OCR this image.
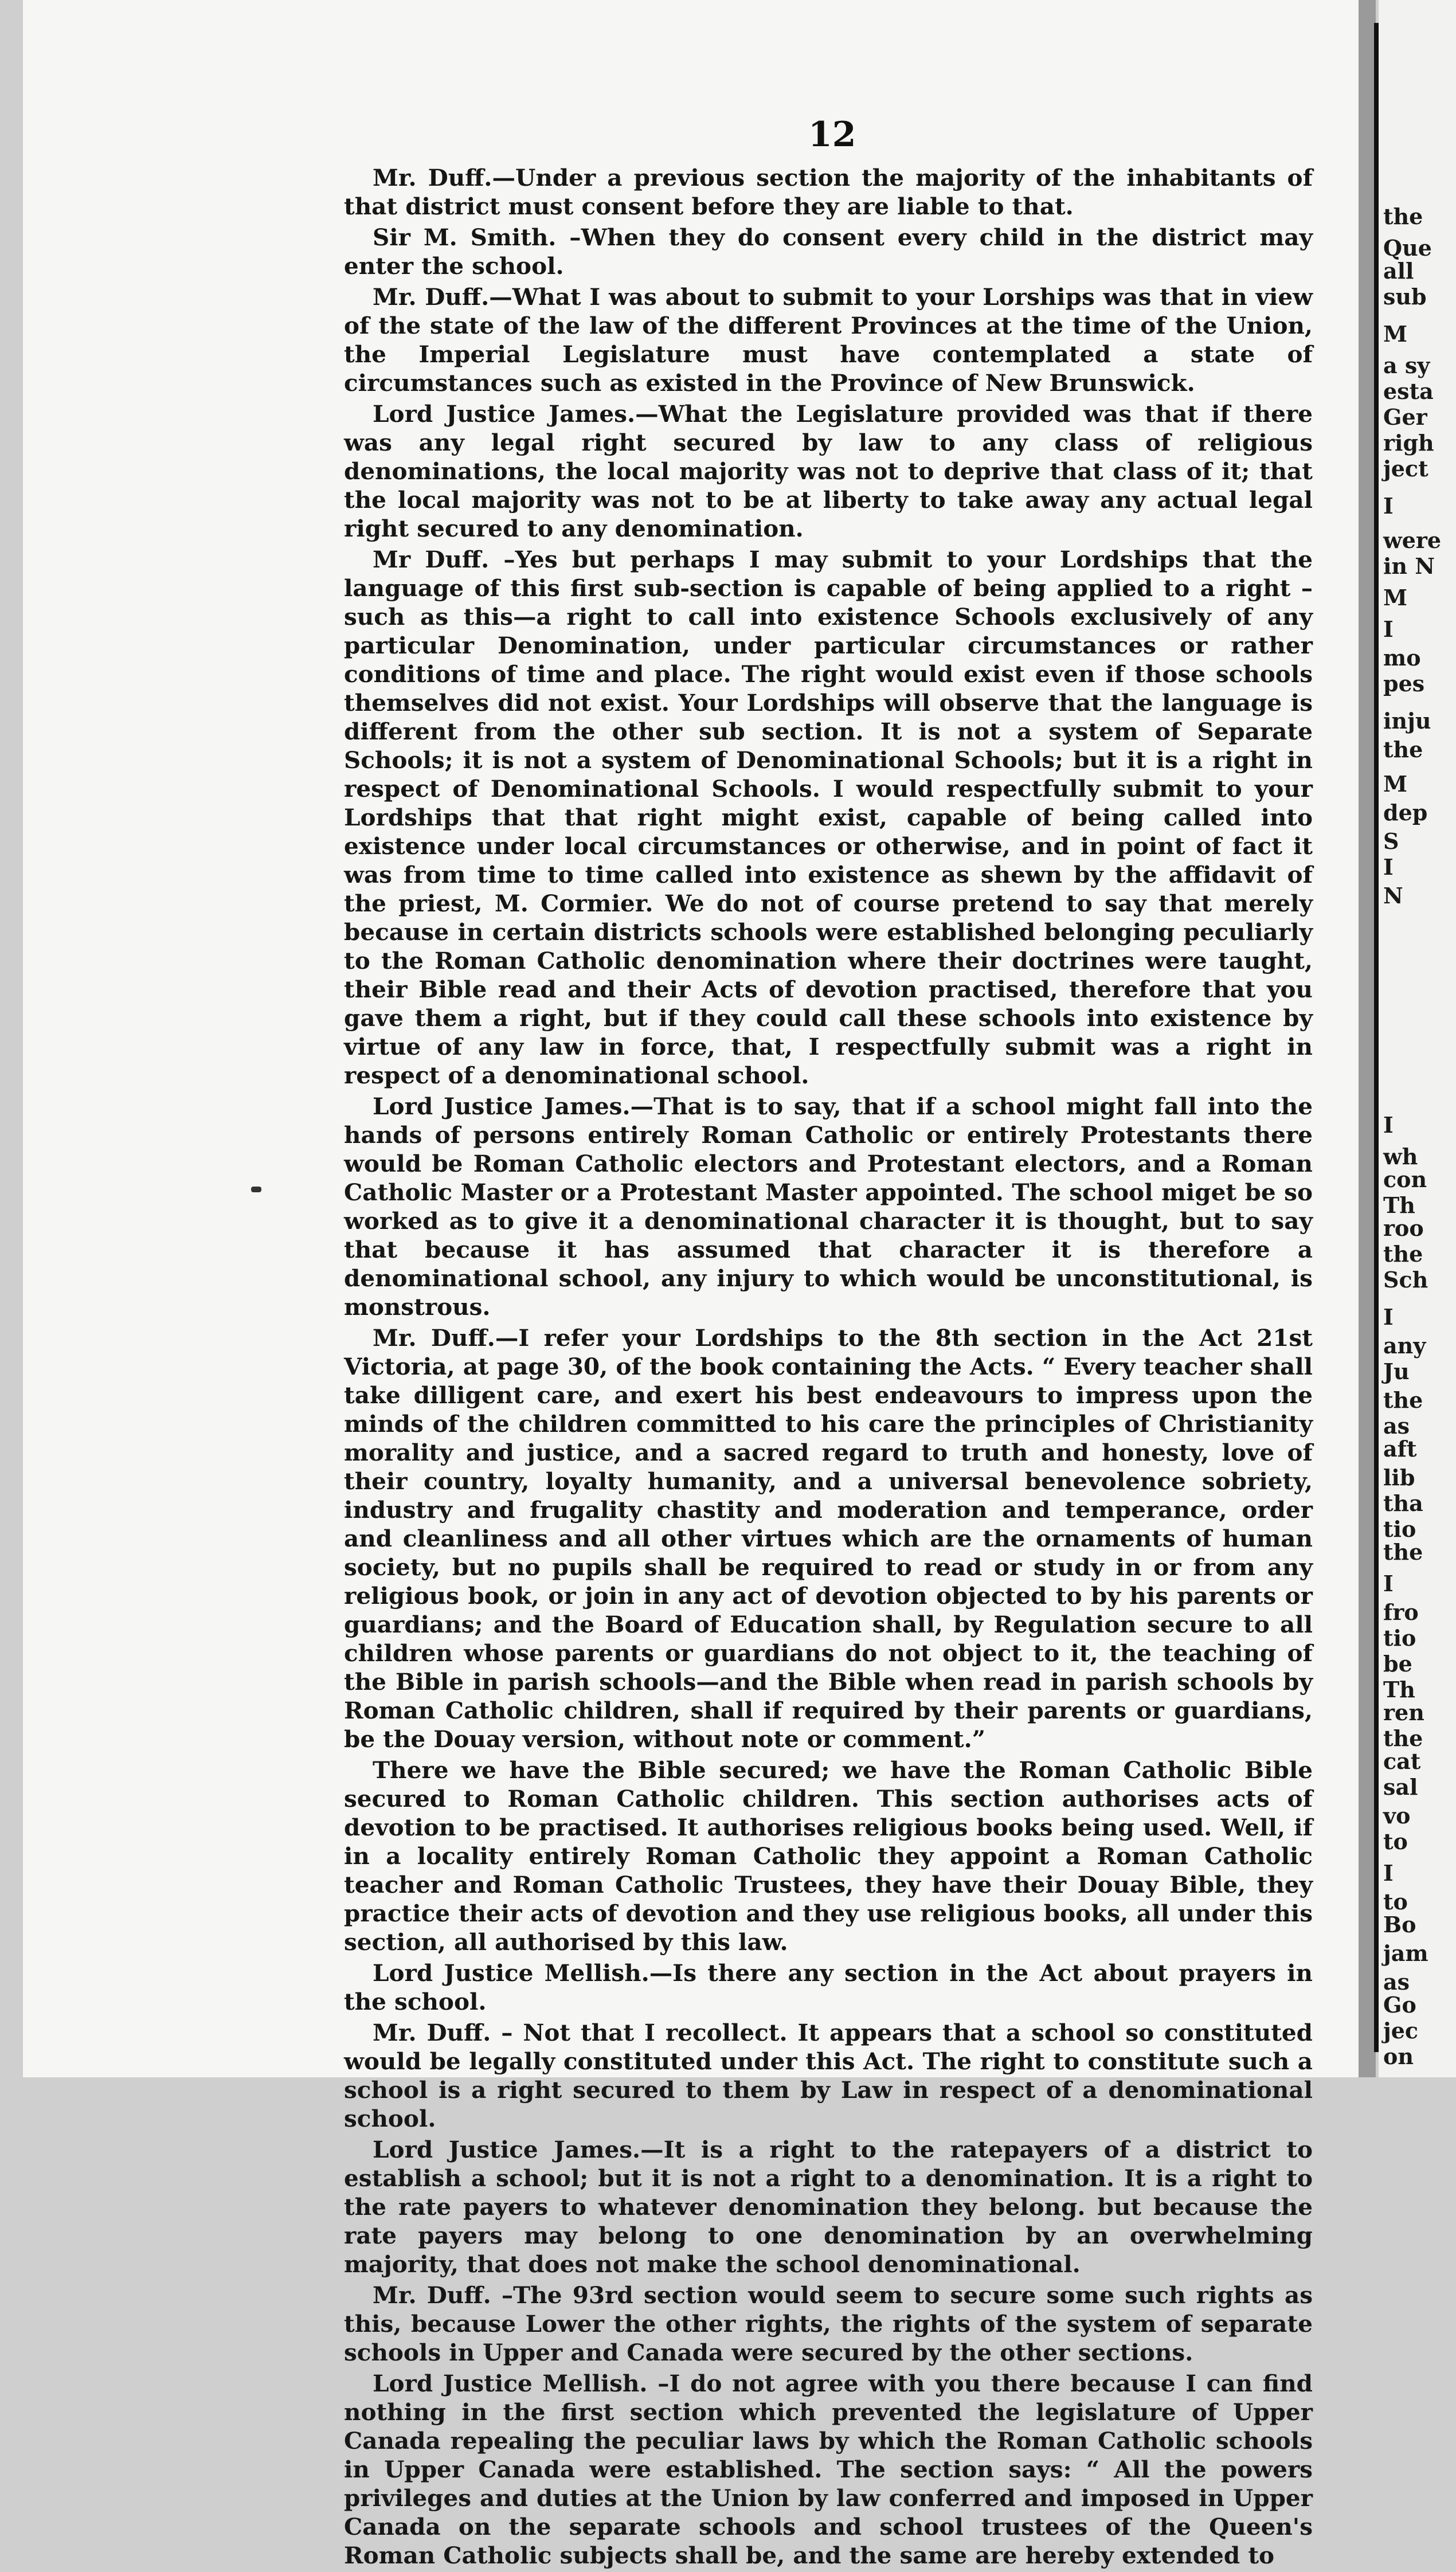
12

Mr. Duff.—Under a previous section the majority of the inhabitants of that district must consent before they are liable to that.

Sir M. Smith. –When they do consent every child in the district may enter the school.

Mr. Duff.—What I was about to submit to your Lorships was that in view of the state of the law of the different Provinces at the time of the Union, the Imperial Legislature must have contemplated a state of circumstances such as existed in the Province of New Brunswick.

Lord Justice James.—What the Legislature provided was that if there was any legal right secured by law to any class of religious denominations, the local majority was not to deprive that class of it; that the local majority was not to be at liberty to take away any actual legal right secured to any denomination.

Mr Duff. –Yes but perhaps I may submit to your Lordships that the language of this first sub-section is capable of being applied to a right –such as this—a right to call into existence Schools exclusively of any particular Denomination, under particular circumstances or rather conditions of time and place. The right would exist even if those schools themselves did not exist. Your Lordships will observe that the language is different from the other sub section. It is not a system of Separate Schools; it is not a system of Denominational Schools; but it is a right in respect of Denominational Schools. I would respectfully submit to your Lordships that that right might exist, capable of being called into existence under local circumstances or otherwise, and in point of fact it was from time to time called into existence as shewn by the affidavit of the priest, M. Cormier. We do not of course pretend to say that merely because in certain districts schools were established belonging peculiarly to the Roman Catholic denomination where their doctrines were taught, their Bible read and their Acts of devotion practised, therefore that you gave them a right, but if they could call these schools into existence by virtue of any law in force, that, I respectfully submit was a right in respect of a denominational school.

Lord Justice James.—That is to say, that if a school might fall into the hands of persons entirely Roman Catholic or entirely Protestants there would be Roman Catholic electors and Protestant electors, and a Roman Catholic Master or a Protestant Master appointed. The school miget be so worked as to give it a denominational character it is thought, but to say that because it has assumed that character it is therefore a denominational school, any injury to which would be unconstitutional, is monstrous.

Mr. Duff.—I refer your Lordships to the 8th section in the Act 21st Victoria, at page 30, of the book containing the Acts. “ Every teacher shall take dilligent care, and exert his best endeavours to impress upon the minds of the children committed to his care the principles of Christianity morality and justice, and a sacred regard to truth and honesty, love of their country, loyalty humanity, and a universal benevolence sobriety, industry and frugality chastity and moderation and temperance, order and cleanliness and all other virtues which are the ornaments of human society, but no pupils shall be required to read or study in or from any religious book, or join in any act of devotion objected to by his parents or guardians; and the Board of Education shall, by Regulation secure to all children whose parents or guardians do not object to it, the teaching of the Bible in parish schools—and the Bible when read in parish schools by Roman Catholic children, shall if required by their parents or guardians, be the Douay version, without note or comment.”

There we have the Bible secured; we have the Roman Catholic Bible secured to Roman Catholic children. This section authorises acts of devotion to be practised. It authorises religious books being used. Well, if in a locality entirely Roman Catholic they appoint a Roman Catholic teacher and Roman Catholic Trustees, they have their Douay Bible, they practice their acts of devotion and they use religious books, all under this section, all authorised by this law.

Lord Justice Mellish.—Is there any section in the Act about prayers in the school.

Mr. Duff. – Not that I recollect. It appears that a school so constituted would be legally constituted under this Act. The right to constitute such a school is a right secured to them by Law in respect of a denominational school.

Lord Justice James.—It is a right to the ratepayers of a district to establish a school; but it is not a right to a denomination. It is a right to the rate payers to whatever denomination they belong. but because the rate payers may belong to one denomination by an overwhelming majority, that does not make the school denominational.

Mr. Duff. –The 93rd section would seem to secure some such rights as this, because Lower the other rights, the rights of the system of separate schools in Upper and Canada were secured by the other sections.

Lord Justice Mellish. –I do not agree with you there because I can find nothing in the first section which prevented the legislature of Upper Canada repealing the peculiar laws by which the Roman Catholic schools in Upper Canada were established. The section says: “ All the powers privileges and duties at the Union by law conferred and imposed in Upper Canada on the separate schools and school trustees of the Queen's Roman Catholic subjects shall be, and the same are hereby extended to

the
Que
all
sub
M
a sy
esta
Ger
righ
ject
I
were
in N
M
I
mo
pes
inju
the
M
dep
S
I
N
I
wh
con
Th
roo
the
Sch
I
any
Ju
the
as
aft
lib
tha
tio
the
I
fro
tio
be
Th
ren
the
cat
sal
vo
to
I
to
Bo
jam
as
Go
jec
on
